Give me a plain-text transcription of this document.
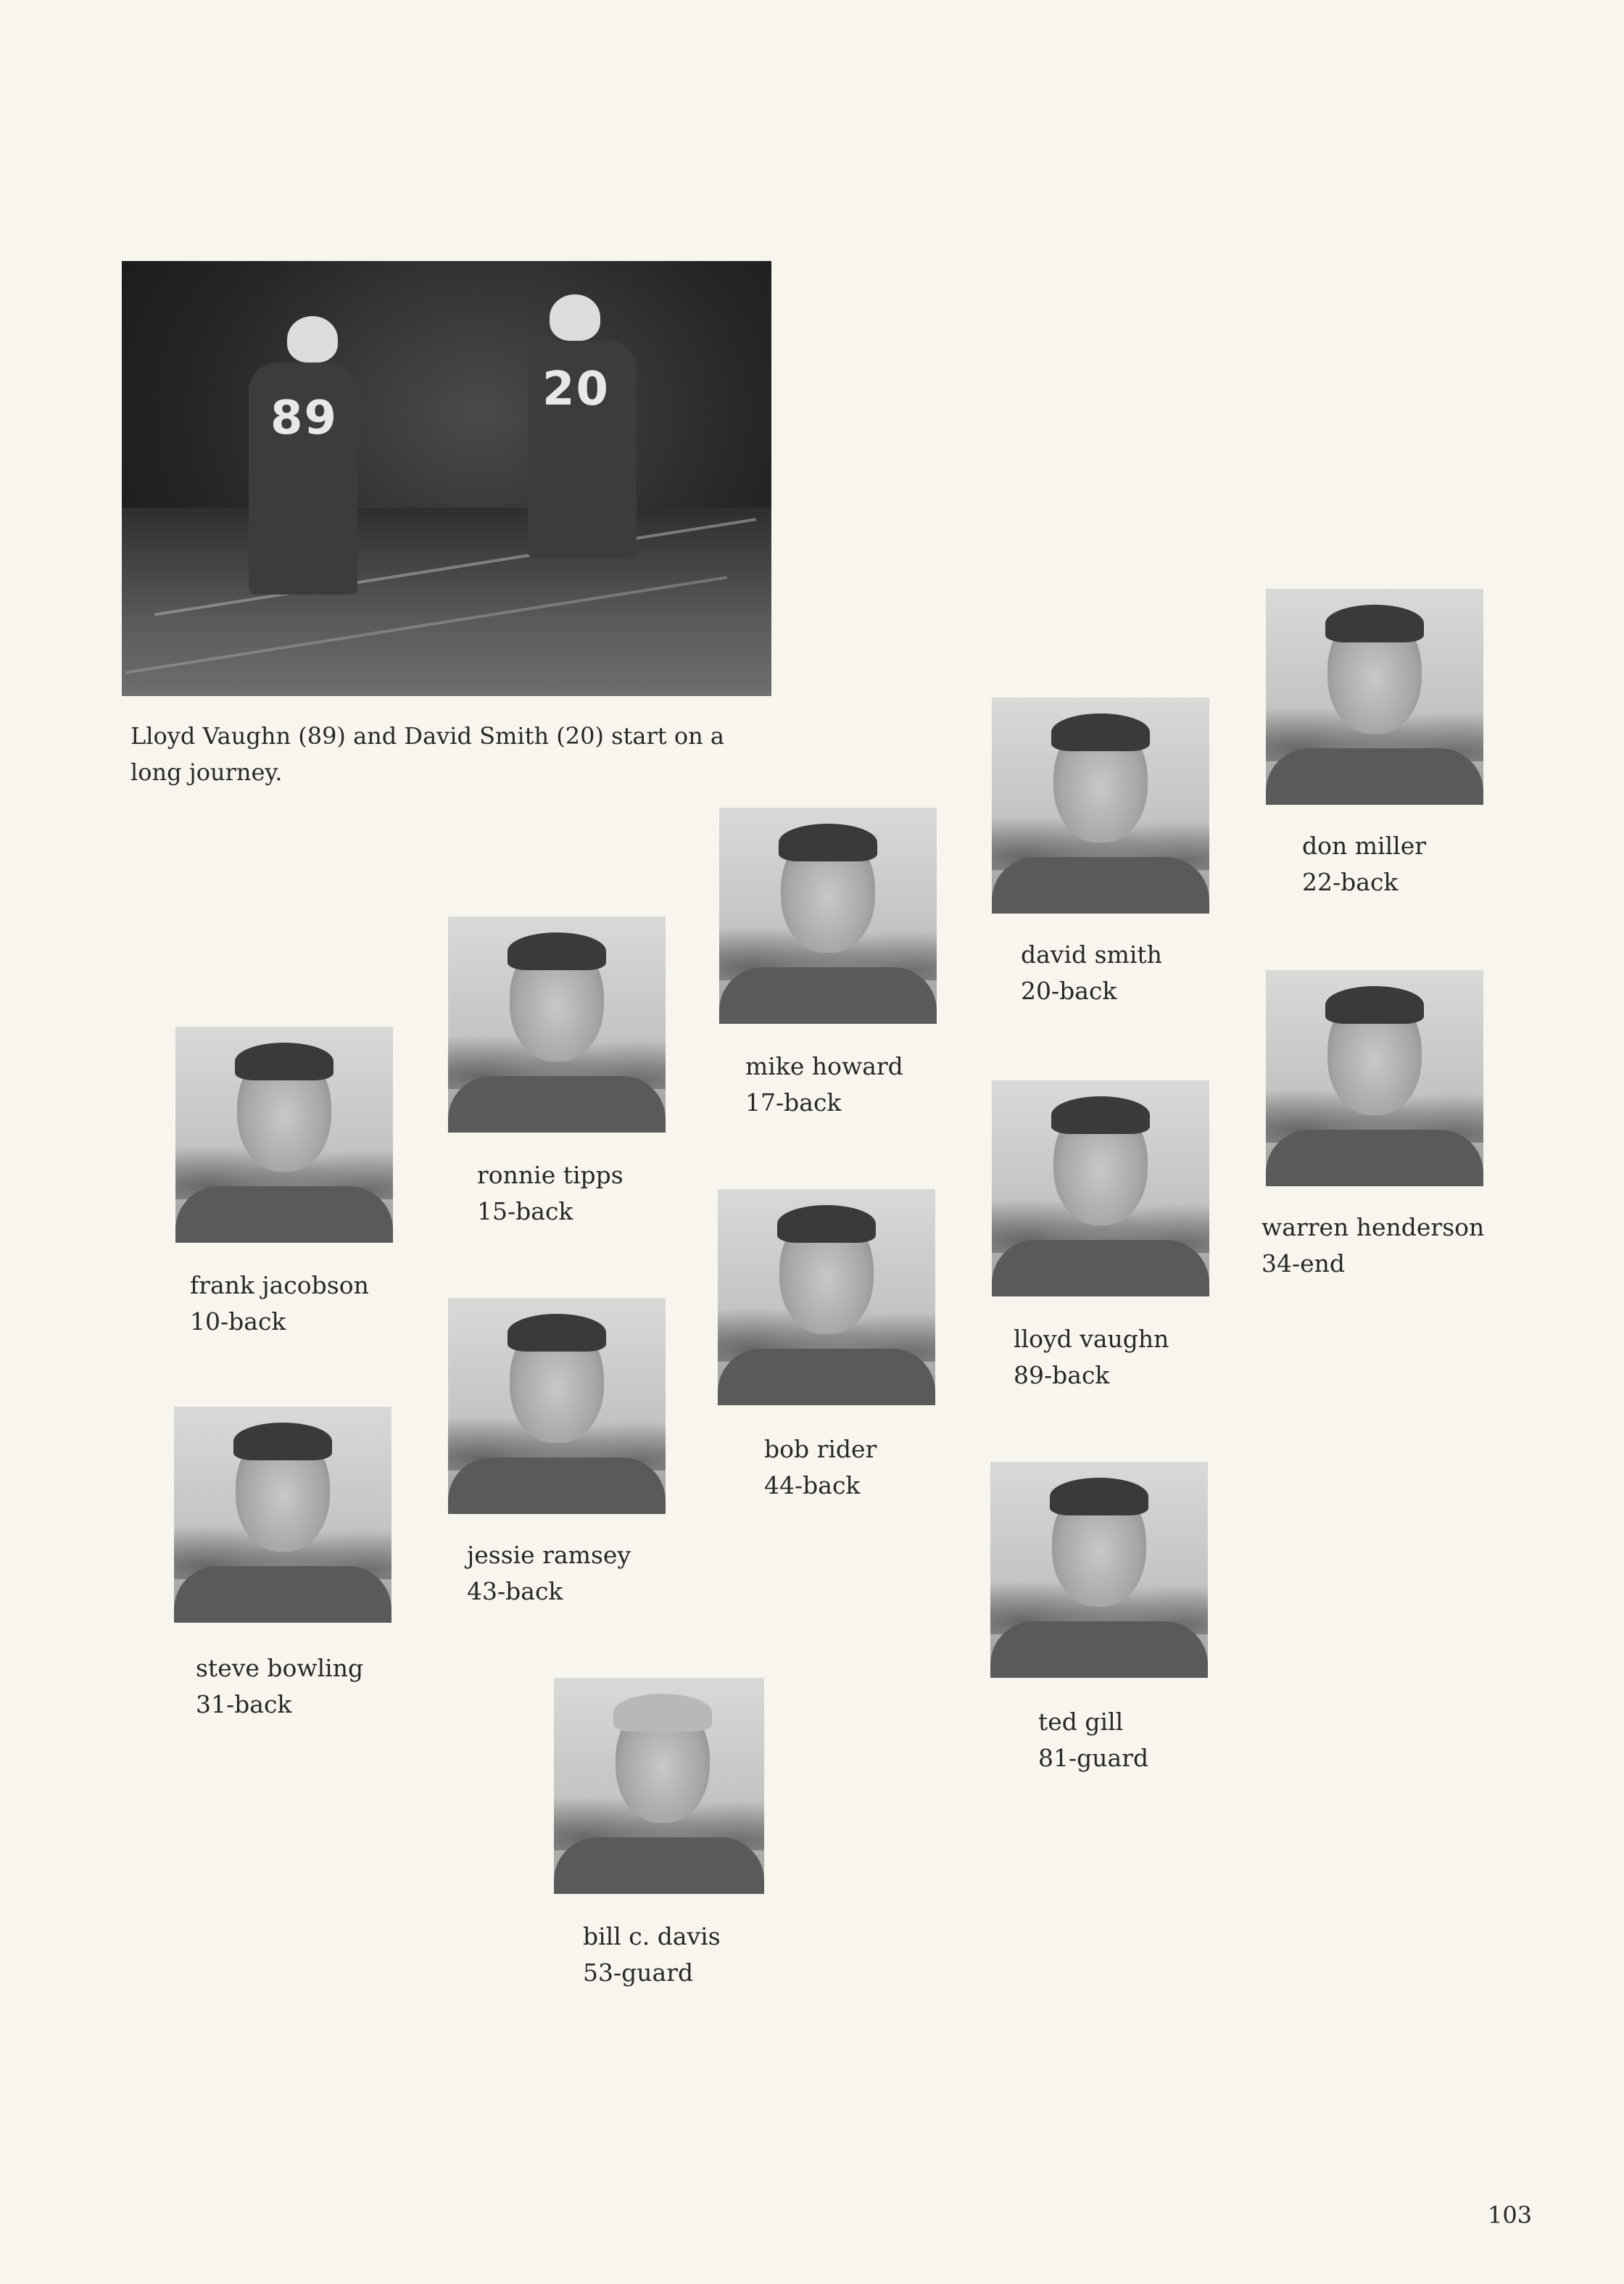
89
20
Lloyd Vaughn (89) and David Smith (20) start on a long journey.
don miller
22-back
david smith
20-back
mike howard
17-back
ronnie tipps
15-back
frank jacobson
10-back
warren henderson
34-end
lloyd vaughn
89-back
bob rider
44-back
jessie ramsey
43-back
steve bowling
31-back
ted gill
81-guard
bill c. davis
53-guard
103
